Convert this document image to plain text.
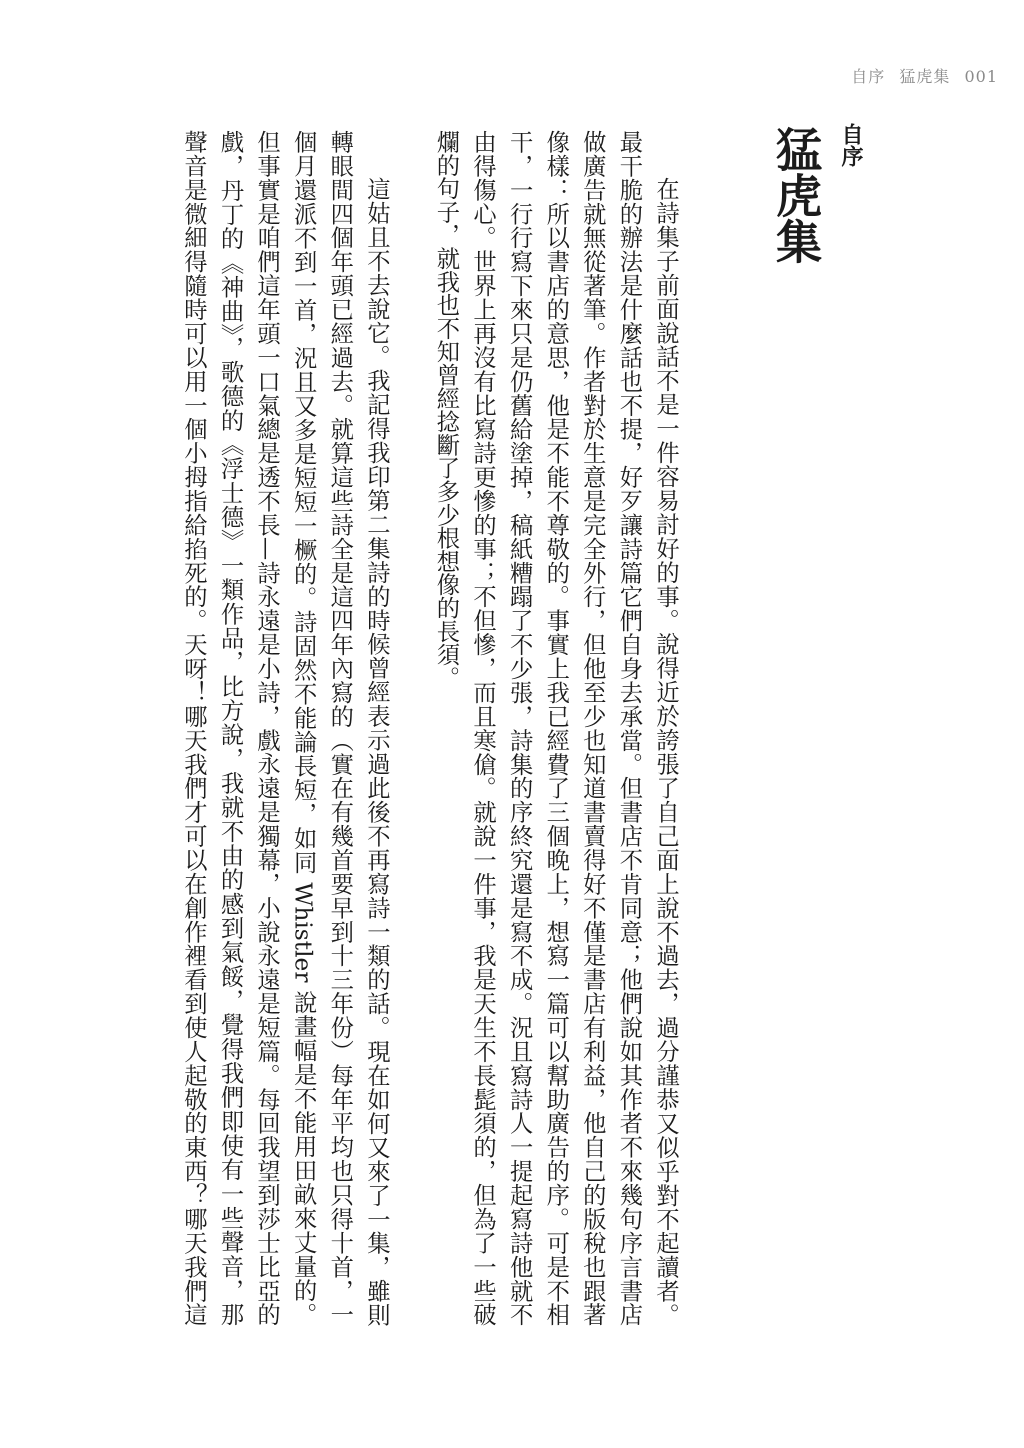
自序 猛虎集 001
自序
猛虎集
在詩集子前面說話不是一件容易討好的事。說得近於誇張了自己面上說不過去，過分謹恭又似乎對不起讀者。
最干脆的辦法是什麼話也不提，好歹讓詩篇它們自身去承當。但書店不肯同意；他們說如其作者不來幾句序言書店
做廣告就無從著筆。作者對於生意是完全外行，但他至少也知道書賣得好不僅是書店有利益，他自己的版稅也跟著
像樣：所以書店的意思，他是不能不尊敬的。事實上我已經費了三個晚上，想寫一篇可以幫助廣告的序。可是不相
干，一行行寫下來只是仍舊給塗掉，稿紙糟蹋了不少張，詩集的序終究還是寫不成。況且寫詩人一提起寫詩他就不
由得傷心。世界上再沒有比寫詩更慘的事；不但慘，而且寒傖。就說一件事，我是天生不長髭須的，但為了一些破
爛的句子，就我也不知曾經捻斷了多少根想像的長須。
這姑且不去說它。我記得我印第二集詩的時候曾經表示過此後不再寫詩一類的話。現在如何又來了一集，雖則
轉眼間四個年頭已經過去。就算這些詩全是這四年內寫的（實在有幾首要早到十三年份）每年平均也只得十首，一
個月還派不到一首，況且又多是短短一橛的。詩固然不能論長短，如同 Whistler 說畫幅是不能用田畝來丈量的。
但事實是咱們這年頭一口氣總是透不長—詩永遠是小詩，戲永遠是獨幕，小說永遠是短篇。每回我望到莎士比亞的
戲，丹丁的《神曲》，歌德的《浮士德》一類作品，比方說，我就不由的感到氣餒，覺得我們即使有一些聲音，那
聲音是微細得隨時可以用一個小拇指給掐死的。天呀！哪天我們才可以在創作裡看到使人起敬的東西？哪天我們這
